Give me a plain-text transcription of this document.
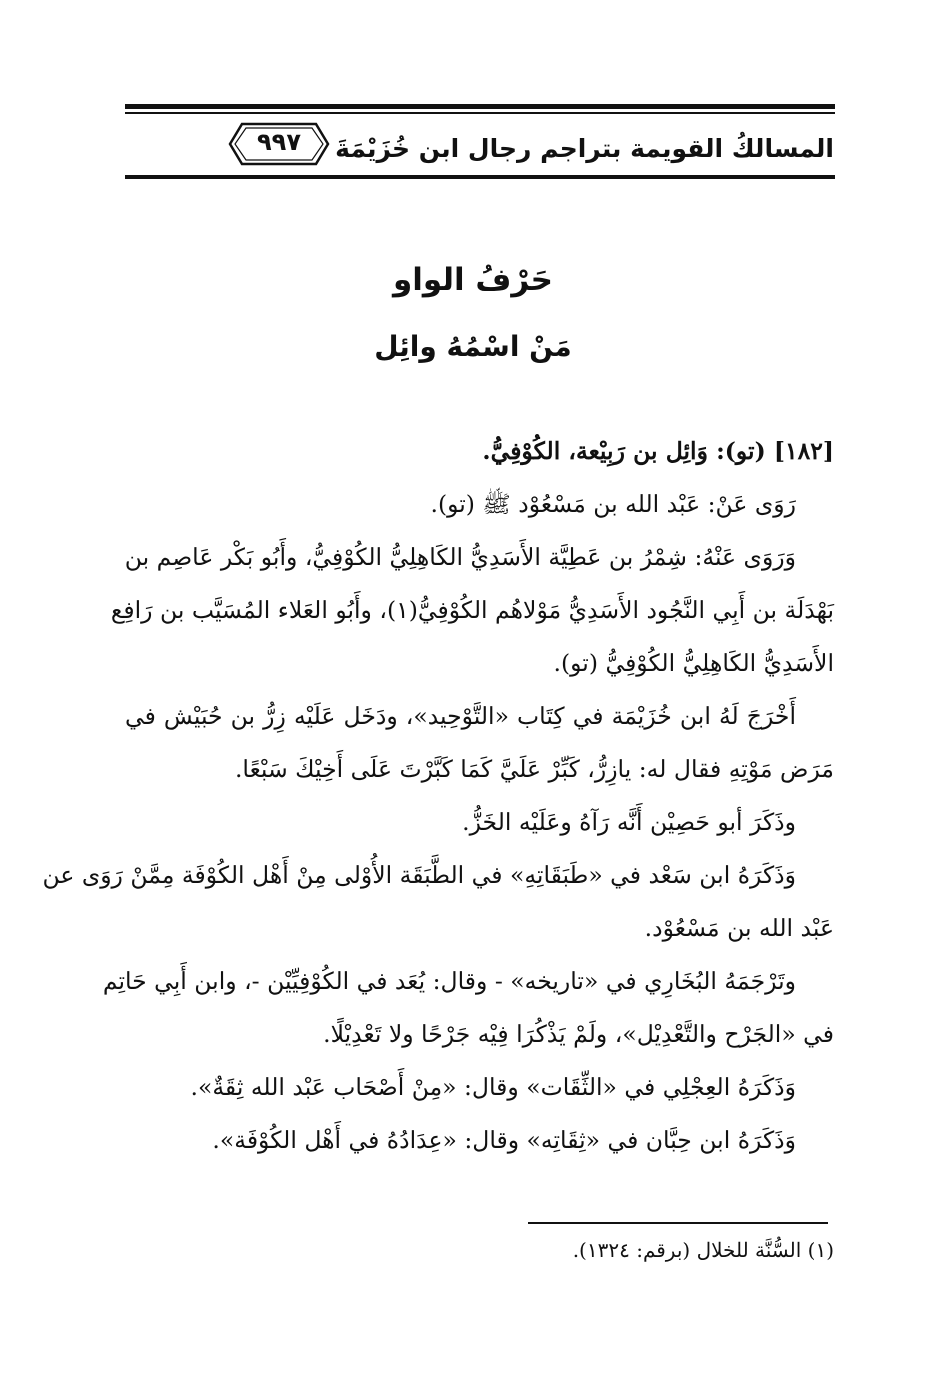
المسالكُ القويمة بتراجم رجال ابن خُزَيْمَةَ
٩٩٧
حَرْفُ الواو
مَنْ اسْمُهُ وائِل
[١٨٢] (تو): وَائِل بن رَبِيْعة، الكُوْفِيُّ.
رَوَى عَنْ: عَبْد الله بن مَسْعُوْد ﷺ (تو).
وَرَوَى عَنْهُ: شِمْرُ بن عَطِيَّة الأَسَدِيُّ الكَاهِلِيُّ الكُوْفِيُّ، وأَبُو بَكْر عَاصِم بن
بَهْدَلَة بن أَبِي النَّجُود الأَسَدِيُّ مَوْلاهُم الكُوْفِيُّ(١)، وأَبُو العَلاء المُسَيَّب بن رَافِع
الأَسَدِيُّ الكَاهِلِيُّ الكُوْفِيُّ (تو).
أَخْرَجَ لَهُ ابن خُزَيْمَة في كِتَاب «التَّوْحِيد»، ودَخَل عَلَيْه زِرُّ بن حُبَيْش في
مَرَض مَوْتِهِ فقال له: يازِرُّ، كَبِّرْ عَلَيَّ كَمَا كَبَّرْتَ عَلَى أَخِيْكَ سَبْعًا.
وذَكَرَ أبو حَصِيْن أَنَّه رَآهُ وعَلَيْه الخَزُّ.
وَذَكَرَهُ ابن سَعْد في «طَبَقَاتِهِ» في الطَّبَقَة الأُوْلى مِنْ أَهْل الكُوْفَة مِمَّنْ رَوَى عن
عَبْد الله بن مَسْعُوْد.
وتَرْجَمَهُ البُخَارِي في «تاريخه» - وقال: يُعَد في الكُوْفِيِّيْن -، وابن أَبِي حَاتِم
في «الجَرْح والتَّعْدِيْل»، ولَمْ يَذْكُرَا فِيْه جَرْحًا ولا تَعْدِيْلًا.
وَذَكَرَهُ العِجْلِي في «الثِّقَات» وقال: «مِنْ أَصْحَاب عَبْد الله ثِقَةٌ».
وَذَكَرَهُ ابن حِبَّان في «ثِقَاتِه» وقال: «عِدَادُهُ في أَهْل الكُوْفَة».
(١) السُّنَّة للخلال (برقم: ١٣٢٤).
